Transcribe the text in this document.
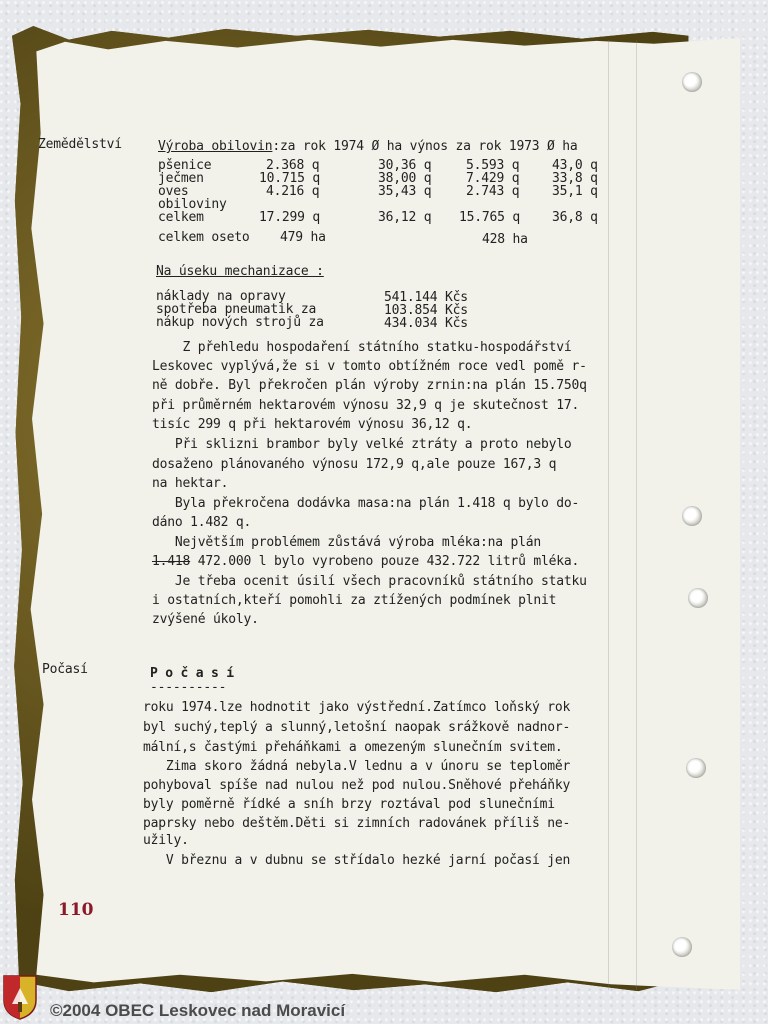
Zemědělství
Počasí
Výroba obilovin:za rok 1974 Ø ha výnos za rok 1973 Ø ha
pšenice	2.368 q	30,36 q	5.593 q	43,0 q
ječmen	10.715 q	38,00 q	7.429 q	33,8 q
oves	4.216 q	35,43 q	2.743 q	35,1 q
obiloviny
celkem	17.299 q	36,12 q 15.765 q 36,8 q
celkem oseto 479 ha	428 ha
Na úseku mechanizace :
náklady na opravy	541.144 Kčs
spotřeba pneumatik za	103.854 Kčs
nákup nových strojů za	434.034 Kčs
Z přehledu hospodaření státního statku-hospodářství
Leskovec vyplývá,že si v tomto obtížném roce vedl pomě r-
ně dobře. Byl překročen plán výroby zrnin:na plán 15.750q
při průměrném hektarovém výnosu 32,9 q je skutečnost 17.
tisíc 299 q při hektarovém výnosu 36,12 q.
Při sklizni brambor byly velké ztráty a proto nebylo
dosaženo plánovaného výnosu 172,9 q,ale pouze 167,3 q
na hektar.
Byla překročena dodávka masa:na plán 1.418 q bylo do-
dáno 1.482 q.
Největším problémem zůstává výroba mléka:na plán
1.418 472.000 l bylo vyrobeno pouze 432.722 litrů mléka.
Je třeba ocenit úsilí všech pracovníků státního statku
i ostatních,kteří pomohli za ztížených podmínek plnit
zvýšené úkoly.
P o č a s í
----------
roku 1974.lze hodnotit jako výstřední.Zatímco loňský rok
byl suchý,teplý a slunný,letošní naopak srážkově nadnor-
mální,s častými přeháňkami a omezeným slunečním svitem.
Zima skoro žádná nebyla.V lednu a v únoru se teploměr
pohyboval spíše nad nulou než pod nulou.Sněhové přeháňky
byly poměrně řídké a sníh brzy roztával pod slunečními
paprsky nebo deštěm.Děti si zimních radovánek příliš ne-
užily.
V březnu a v dubnu se střídalo hezké jarní počasí jen
110
©2004 OBEC Leskovec nad Moravicí
